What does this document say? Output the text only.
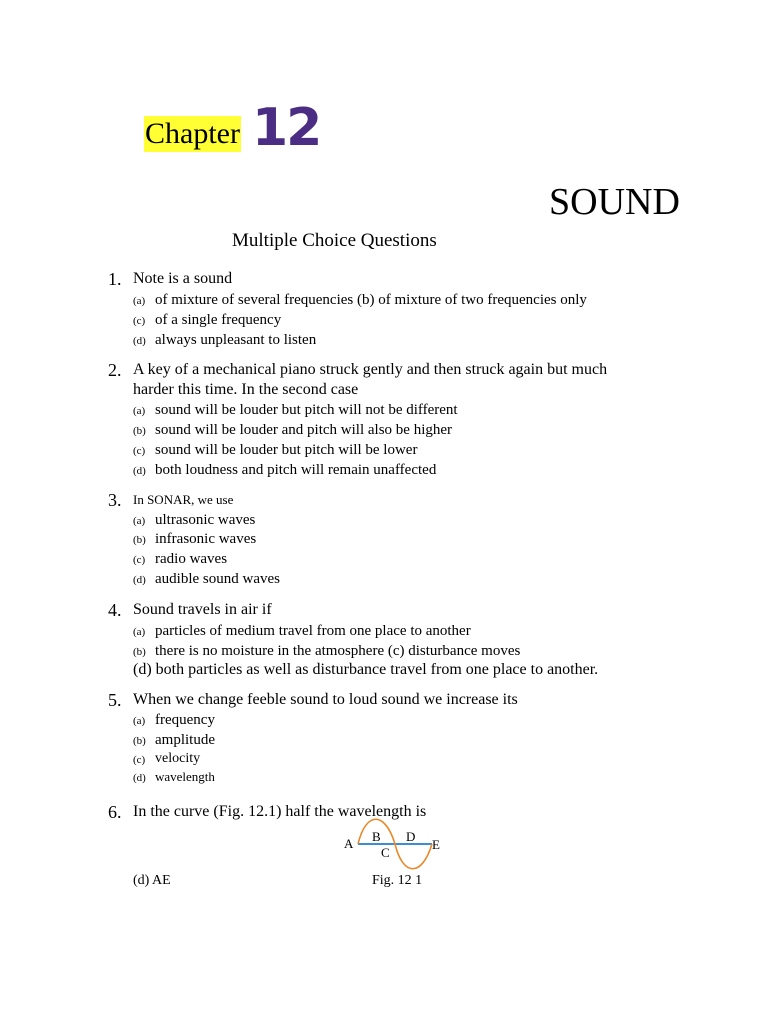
Chapter 12
SOUND
Multiple Choice Questions
1. Note is a sound
(a) of mixture of several frequencies (b) of mixture of two frequencies only
(c) of a single frequency
(d) always unpleasant to listen
2. A key of a mechanical piano struck gently and then struck again but much
harder this time. In the second case
(a) sound will be louder but pitch will not be different
(b) sound will be louder and pitch will also be higher
(c) sound will be louder but pitch will be lower
(d) both loudness and pitch will remain unaffected
3. In SONAR, we use
(a) ultrasonic waves
(b) infrasonic waves
(c) radio waves
(d) audible sound waves
4. Sound travels in air if
(a) particles of medium travel from one place to another
(b) there is no moisture in the atmosphere (c) disturbance moves
(d) both particles as well as disturbance travel from one place to another.
5. When we change feeble sound to loud sound we increase its
(a) frequency
(b) amplitude
(c) velocity
(d) wavelength
6. In the curve (Fig. 12.1) half the wavelength is
A B
C
D
E
(d) AE	Fig. 12 1
